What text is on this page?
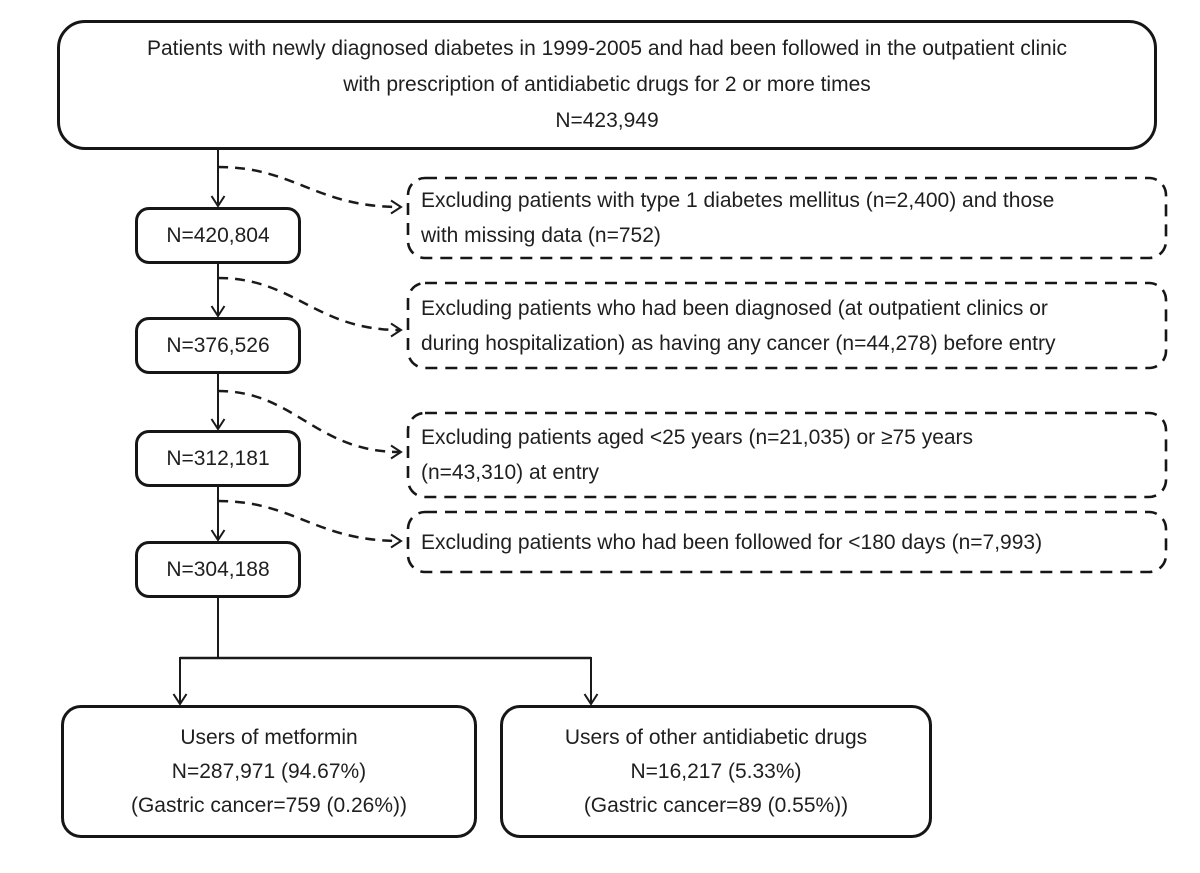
Patients with newly diagnosed diabetes in 1999-2005 and had been followed in the outpatient clinic
with prescription of antidiabetic drugs for 2 or more times
N=423,949
N=420,804
N=376,526
N=312,181
N=304,188
Excluding patients with type 1 diabetes mellitus (n=2,400) and those
with missing data (n=752)
Excluding patients who had been diagnosed (at outpatient clinics or
during hospitalization) as having any cancer (n=44,278) before entry
Excluding patients aged <25 years (n=21,035) or ≥75 years
(n=43,310) at entry
Excluding patients who had been followed for <180 days (n=7,993)
Users of metformin
N=287,971 (94.67%)
(Gastric cancer=759 (0.26%))
Users of other antidiabetic drugs
N=16,217 (5.33%)
(Gastric cancer=89 (0.55%))
